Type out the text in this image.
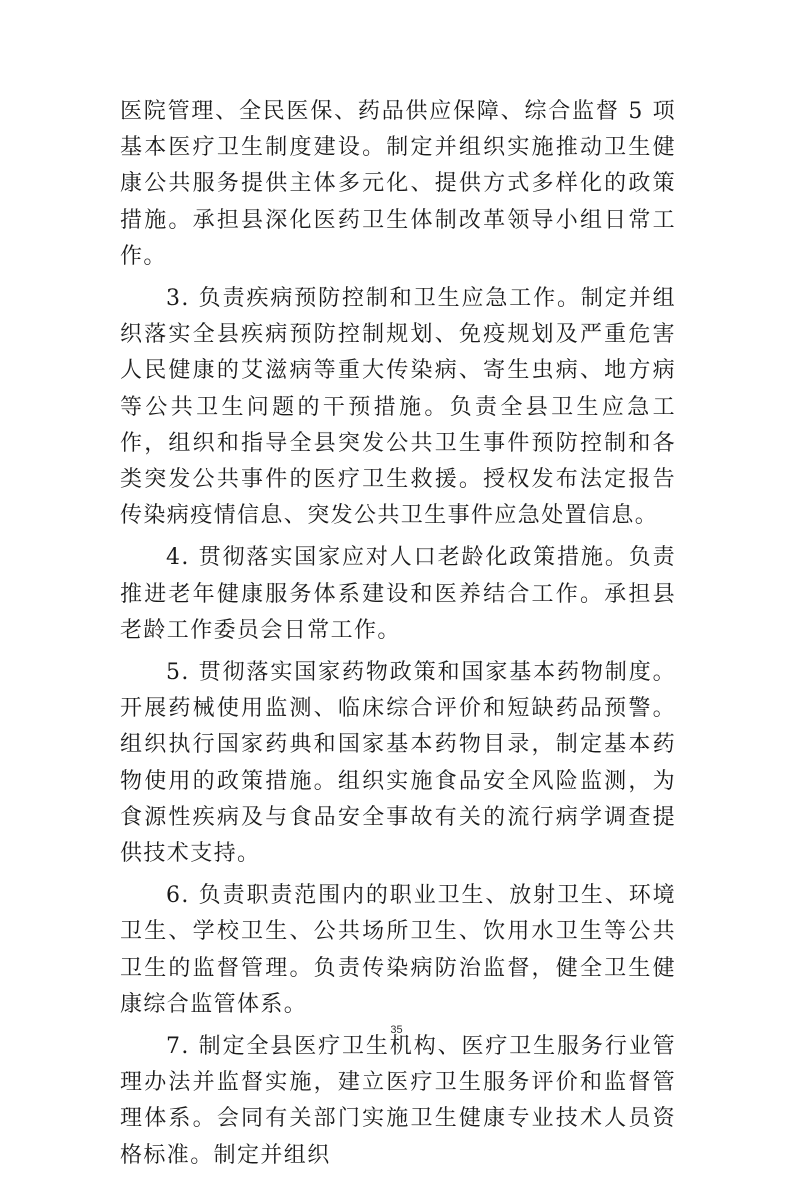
医院管理、全民医保、药品供应保障、综合监督 5 项基本医疗卫生制度建设。制定并组织实施推动卫生健康公共服务提供主体多元化、提供方式多样化的政策措施。承担县深化医药卫生体制改革领导小组日常工作。

3. 负责疾病预防控制和卫生应急工作。制定并组织落实全县疾病预防控制规划、免疫规划及严重危害人民健康的艾滋病等重大传染病、寄生虫病、地方病等公共卫生问题的干预措施。负责全县卫生应急工作，组织和指导全县突发公共卫生事件预防控制和各类突发公共事件的医疗卫生救援。授权发布法定报告传染病疫情信息、突发公共卫生事件应急处置信息。

4. 贯彻落实国家应对人口老龄化政策措施。负责推进老年健康服务体系建设和医养结合工作。承担县老龄工作委员会日常工作。

5. 贯彻落实国家药物政策和国家基本药物制度。开展药械使用监测、临床综合评价和短缺药品预警。组织执行国家药典和国家基本药物目录，制定基本药物使用的政策措施。组织实施食品安全风险监测，为食源性疾病及与食品安全事故有关的流行病学调查提供技术支持。

6. 负责职责范围内的职业卫生、放射卫生、环境卫生、学校卫生、公共场所卫生、饮用水卫生等公共卫生的监督管理。负责传染病防治监督，健全卫生健康综合监管体系。

7. 制定全县医疗卫生机构、医疗卫生服务行业管理办法并监督实施，建立医疗卫生服务评价和监督管理体系。会同有关部门实施卫生健康专业技术人员资格标准。制定并组织

35
